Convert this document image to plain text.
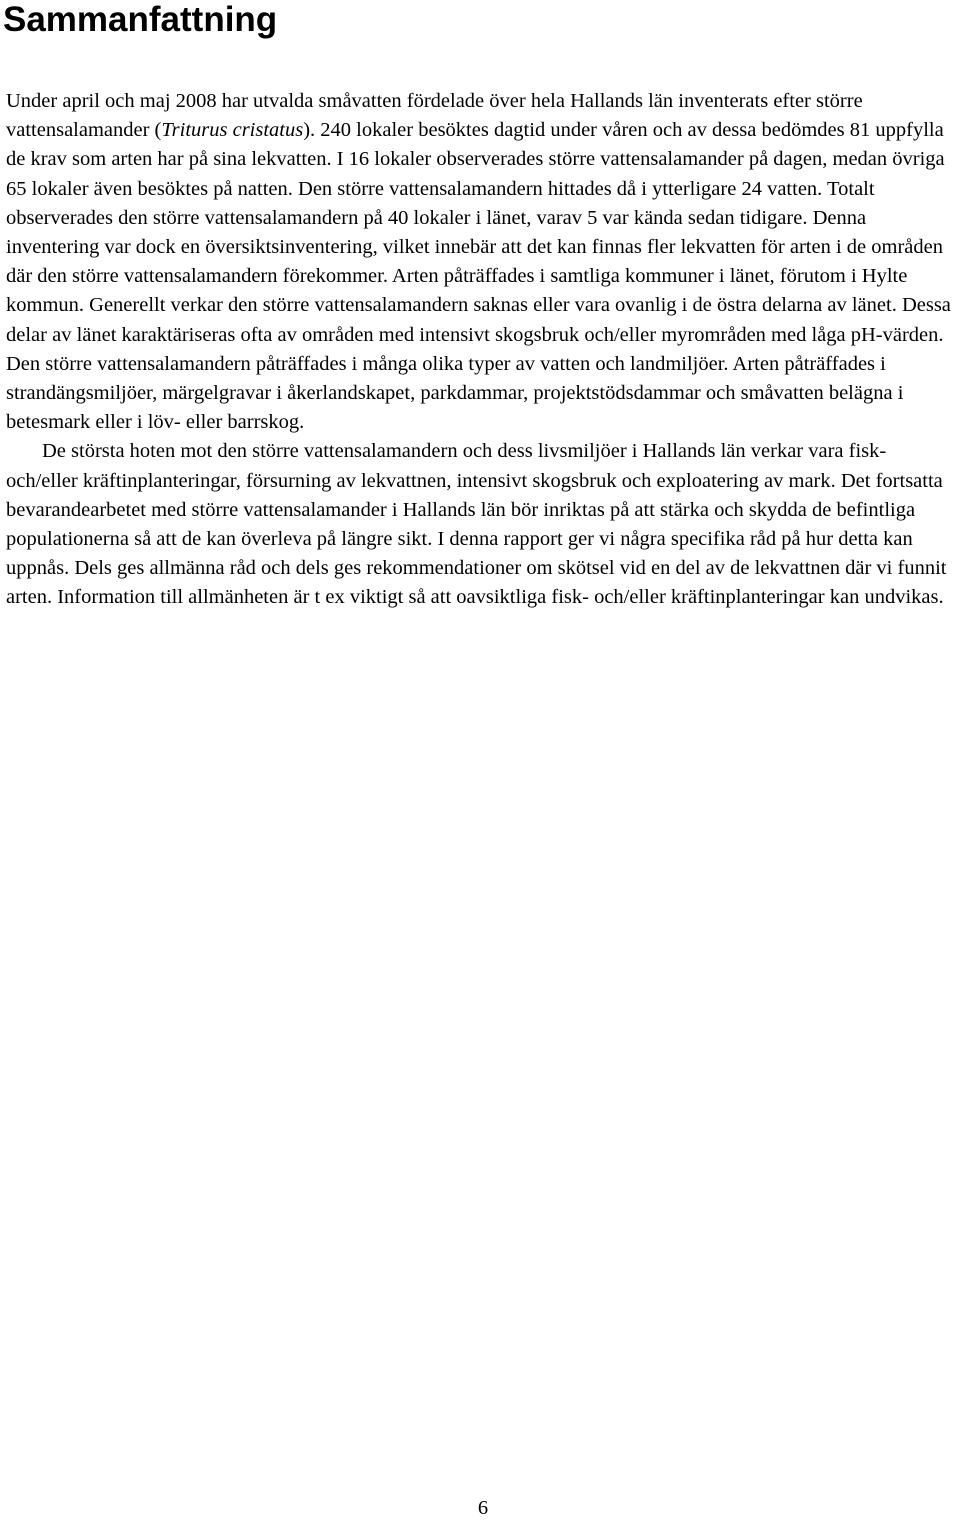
Sammanfattning

Under april och maj 2008 har utvalda småvatten fördelade över hela Hallands län inventerats efter större vattensalamander (Triturus cristatus). 240 lokaler besöktes dagtid under våren och av dessa bedömdes 81 uppfylla de krav som arten har på sina lekvatten. I 16 lokaler observerades större vattensalamander på dagen, medan övriga 65 lokaler även besöktes på natten. Den större vattensalamandern hittades då i ytterligare 24 vatten. Totalt observerades den större vattensalamandern på 40 lokaler i länet, varav 5 var kända sedan tidigare. Denna inventering var dock en översiktsinventering, vilket innebär att det kan finnas fler lekvatten för arten i de områden där den större vattensalamandern förekommer. Arten påträffades i samtliga kommuner i länet, förutom i Hylte kommun. Generellt verkar den större vattensalamandern saknas eller vara ovanlig i de östra delarna av länet. Dessa delar av länet karaktäriseras ofta av områden med intensivt skogsbruk och/eller myrområden med låga pH-värden. Den större vattensalamandern påträffades i många olika typer av vatten och landmiljöer. Arten påträffades i strandängsmiljöer, märgelgravar i åkerlandskapet, parkdammar, projektstödsdammar och småvatten belägna i betesmark eller i löv- eller barrskog.

De största hoten mot den större vattensalamandern och dess livsmiljöer i Hallands län verkar vara fisk- och/eller kräftinplanteringar, försurning av lekvattnen, intensivt skogsbruk och exploatering av mark. Det fortsatta bevarandearbetet med större vattensalamander i Hallands län bör inriktas på att stärka och skydda de befintliga populationerna så att de kan överleva på längre sikt. I denna rapport ger vi några specifika råd på hur detta kan uppnås. Dels ges allmänna råd och dels ges rekommendationer om skötsel vid en del av de lekvattnen där vi funnit arten. Information till allmänheten är t ex viktigt så att oavsiktliga fisk- och/eller kräftinplanteringar kan undvikas.

6
